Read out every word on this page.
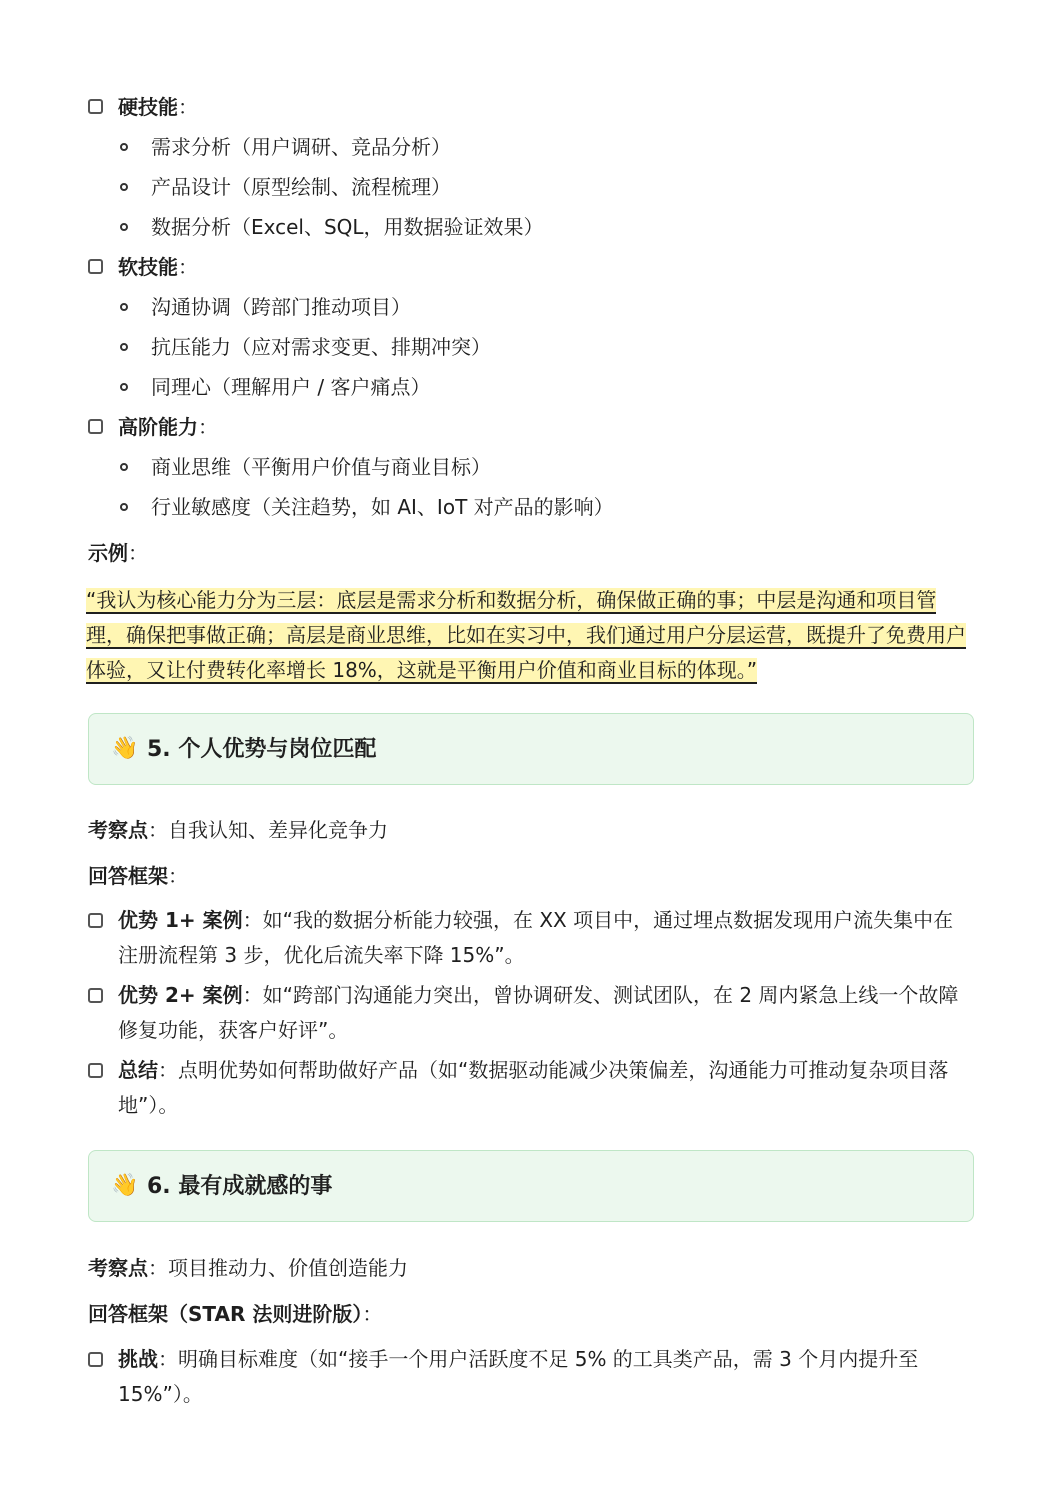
硬技能：
需求分析（用户调研、竞品分析）
产品设计（原型绘制、流程梳理）
数据分析（Excel、SQL，用数据验证效果）
软技能：
沟通协调（跨部门推动项目）
抗压能力（应对需求变更、排期冲突）
同理心（理解用户 / 客户痛点）
高阶能力：
商业思维（平衡用户价值与商业目标）
行业敏感度（关注趋势，如 AI、IoT 对产品的影响）
示例：
“我认为核心能力分为三层：底层是需求分析和数据分析，确保做正确的事；中层是沟通和项目管理，确保把事做正确；高层是商业思维，比如在实习中，我们通过用户分层运营，既提升了免费用户体验，又让付费转化率增长 18%，这就是平衡用户价值和商业目标的体现。”
👋 5. 个人优势与岗位匹配
考察点：自我认知、差异化竞争力
回答框架：
优势 1+ 案例：如“我的数据分析能力较强，在 XX 项目中，通过埋点数据发现用户流失集中在注册流程第 3 步，优化后流失率下降 15%”。
优势 2+ 案例：如“跨部门沟通能力突出，曾协调研发、测试团队，在 2 周内紧急上线一个故障修复功能，获客户好评”。
总结：点明优势如何帮助做好产品（如“数据驱动能减少决策偏差，沟通能力可推动复杂项目落地”）。
👋 6. 最有成就感的事
考察点：项目推动力、价值创造能力
回答框架（STAR 法则进阶版）：
挑战：明确目标难度（如“接手一个用户活跃度不足 5% 的工具类产品，需 3 个月内提升至 15%”）。
